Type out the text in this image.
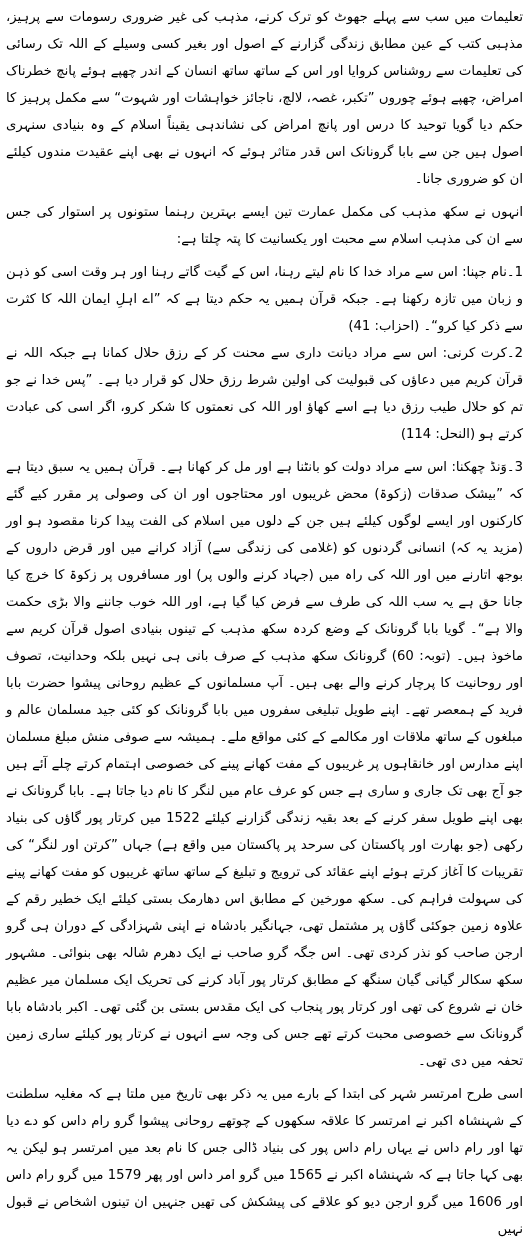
تعلیمات میں سب سے پہلے جھوٹ کو ترک کرنے، مذہب کی غیر ضروری رسومات سے پرہیز، مذہبی کتب کے عین مطابق زندگی گزارنے کے اصول اور بغیر کسی وسیلے کے اللہ تک رسائی کی تعلیمات سے روشناس کروایا اور اس کے ساتھ ساتھ انسان کے اندر چھپے ہوئے پانچ خطرناک امراض، چھپے ہوئے چوروں ”تکبر، غصہ، لالچ، ناجائز خواہشات اور شہوت“ سے مکمل پرہیز کا حکم دیا گویا توحید کا درس اور پانچ امراض کی نشاندہی یقیناً اسلام کے وہ بنیادی سنہری اصول ہیں جن سے بابا گرونانک اس قدر متاثر ہوئے کہ انہوں نے بھی اپنے عقیدت مندوں کیلئے ان کو ضروری جانا۔

انہوں نے سکھ مذہب کی مکمل عمارت تین ایسے بہترین رہنما ستونوں پر استوار کی جس سے ان کی مذہب اسلام سے محبت اور یکسانیت کا پتہ چلتا ہے:

1۔نام جپنا: اس سے مراد خدا کا نام لیتے رہنا، اس کے گیت گاتے رہنا اور ہر وقت اسی کو ذہن و زبان میں تازہ رکھنا ہے۔ جبکہ قرآن ہمیں یہ حکم دیتا ہے کہ ”اے اہلِ ایمان اللہ کا کثرت سے ذکر کیا کرو“۔ (احزاب: 41)

2۔کرت کرنی: اس سے مراد دیانت داری سے محنت کر کے رزق حلال کمانا ہے جبکہ اللہ نے قرآن کریم میں دعاؤں کی قبولیت کی اولین شرط رزق حلال کو قرار دیا ہے۔ ”پس خدا نے جو تم کو حلال طیب رزق دیا ہے اسے کھاؤ اور اللہ کی نعمتوں کا شکر کرو، اگر اسی کی عبادت کرتے ہو (النحل: 114)

3۔وَنڈ چھکنا: اس سے مراد دولت کو بانٹنا ہے اور مل کر کھانا ہے۔ قرآن ہمیں یہ سبق دیتا ہے کہ ”بیشک صدقات (زکوۃ) محض غریبوں اور محتاجوں اور ان کی وصولی پر مقرر کیے گئے کارکنوں اور ایسے لوگوں کیلئے ہیں جن کے دلوں میں اسلام کی الفت پیدا کرنا مقصود ہو اور (مزید یہ کہ) انسانی گردنوں کو (غلامی کی زندگی سے) آزاد کرانے میں اور قرض داروں کے بوجھ اتارنے میں اور اللہ کی راہ میں (جہاد کرنے والوں پر) اور مسافروں پر زکوۃ کا خرچ کیا جانا حق ہے یہ سب اللہ کی طرف سے فرض کیا گیا ہے، اور اللہ خوب جاننے والا بڑی حکمت والا ہے“۔ گویا بابا گرونانک کے وضع کردہ سکھ مذہب کے تینوں بنیادی اصول قرآن کریم سے ماخوذ ہیں۔ (توبہ: 60) گرونانک سکھ مذہب کے صرف بانی ہی نہیں بلکہ وحدانیت، تصوف اور روحانیت کا پرچار کرنے والے بھی ہیں۔ آپ مسلمانوں کے عظیم روحانی پیشوا حضرت بابا فرید کے ہمعصر تھے۔ اپنے طویل تبلیغی سفروں میں بابا گرونانک کو کئی جید مسلمان عالم و مبلغوں کے ساتھ ملاقات اور مکالمے کے کئی مواقع ملے۔ ہمیشہ سے صوفی منش مبلغ مسلمان اپنے مدارس اور خانقاہوں پر غریبوں کے مفت کھانے پینے کی خصوصی اہتمام کرتے چلے آئے ہیں جو آج بھی تک جاری و ساری ہے جس کو عرف عام میں لنگر کا نام دیا جاتا ہے۔ بابا گرونانک نے بھی اپنے طویل سفر کرنے کے بعد بقیہ زندگی گزارنے کیلئے 1522 میں کرتار پور گاؤں کی بنیاد رکھی (جو بھارت اور پاکستان کی سرحد پر پاکستان میں واقع ہے) جہاں ”کرتن اور لنگر“ کی تقریبات کا آغاز کرتے ہوئے اپنے عقائد کی ترویج و تبلیغ کے ساتھ ساتھ غریبوں کو مفت کھانے پینے کی سہولت فراہم کی۔ سکھ مورخین کے مطابق اس دھارمک بستی کیلئے ایک خطیر رقم کے علاوہ زمین جوکئی گاؤں پر مشتمل تھی، جہانگیر بادشاہ نے اپنی شہزادگی کے دوران ہی گرو ارجن صاحب کو نذر کردی تھی۔ اس جگہ گرو صاحب نے ایک دھرم شالہ بھی بنوائی۔ مشہور سکھ سکالر گیانی گیان سنگھ کے مطابق کرتار پور آباد کرنے کی تحریک ایک مسلمان میر عظیم خان نے شروع کی تھی اور کرتار پور پنجاب کی ایک مقدس بستی بن گئی تھی۔ اکبر بادشاہ بابا گرونانک سے خصوصی محبت کرتے تھے جس کی وجہ سے انہوں نے کرتار پور کیلئے ساری زمین تحفہ میں دی تھی۔

اسی طرح امرتسر شہر کی ابتدا کے بارے میں یہ ذکر بھی تاریخ میں ملتا ہے کہ مغلیہ سلطنت کے شہنشاہ اکبر نے امرتسر کا علاقہ سکھوں کے چوتھے روحانی پیشوا گرو رام داس کو دے دیا تھا اور رام داس نے یہاں رام داس پور کی بنیاد ڈالی جس کا نام بعد میں امرتسر ہو لیکن یہ بھی کہا جاتا ہے کہ شہنشاہ اکبر نے 1565 میں گرو امر داس اور پھر 1579 میں گرو رام داس اور 1606 میں گرو ارجن دیو کو علاقے کی پیشکش کی تھیں جنہیں ان تینوں اشخاص نے قبول نہیں
